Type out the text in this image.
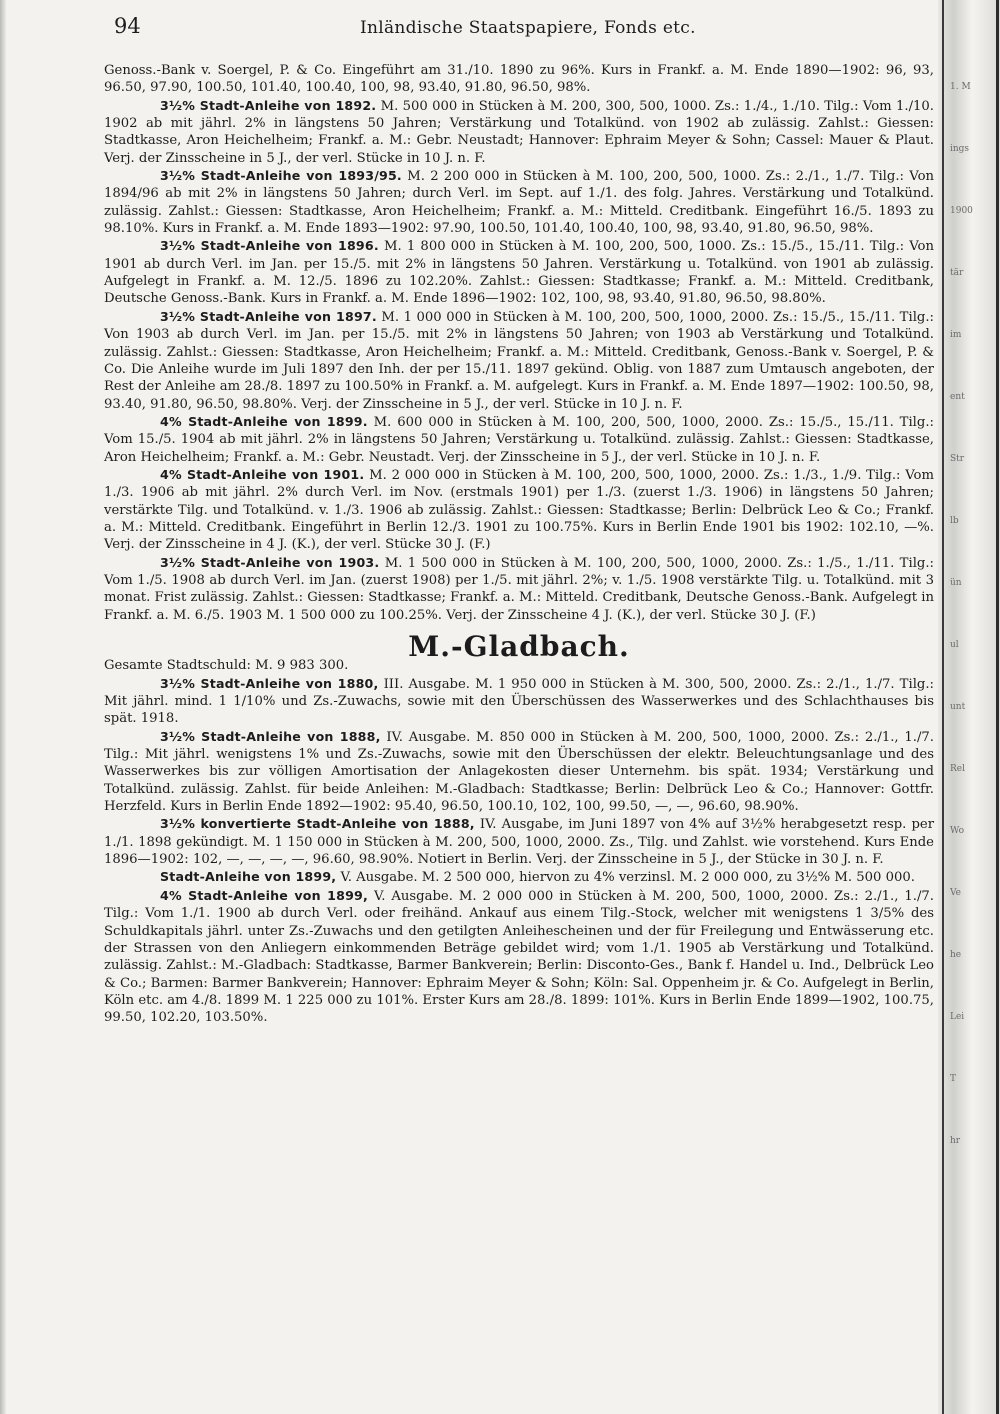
94	Inländische Staatspapiere, Fonds etc.

Genoss.-Bank v. Soergel, P. & Co. Eingeführt am 31./10. 1890 zu 96%. Kurs in Frankf. a. M. Ende 1890—1902: 96, 93, 96.50, 97.90, 100.50, 101.40, 100.40, 100, 98, 93.40, 91.80, 96.50, 98%.

3½% Stadt-Anleihe von 1892. M. 500 000 in Stücken à M. 200, 300, 500, 1000. Zs.: 1./4., 1./10. Tilg.: Vom 1./10. 1902 ab mit jährl. 2% in längstens 50 Jahren; Verstärkung und Totalkünd. von 1902 ab zulässig. Zahlst.: Giessen: Stadtkasse, Aron Heichelheim; Frankf. a. M.: Gebr. Neustadt; Hannover: Ephraim Meyer & Sohn; Cassel: Mauer & Plaut. Verj. der Zinsscheine in 5 J., der verl. Stücke in 10 J. n. F.

3½% Stadt-Anleihe von 1893/95. M. 2 200 000 in Stücken à M. 100, 200, 500, 1000. Zs.: 2./1., 1./7. Tilg.: Von 1894/96 ab mit 2% in längstens 50 Jahren; durch Verl. im Sept. auf 1./1. des folg. Jahres. Verstärkung und Totalkünd. zulässig. Zahlst.: Giessen: Stadtkasse, Aron Heichelheim; Frankf. a. M.: Mitteld. Creditbank. Eingeführt 16./5. 1893 zu 98.10%. Kurs in Frankf. a. M. Ende 1893—1902: 97.90, 100.50, 101.40, 100.40, 100, 98, 93.40, 91.80, 96.50, 98%.

3½% Stadt-Anleihe von 1896. M. 1 800 000 in Stücken à M. 100, 200, 500, 1000. Zs.: 15./5., 15./11. Tilg.: Von 1901 ab durch Verl. im Jan. per 15./5. mit 2% in längstens 50 Jahren. Verstärkung u. Totalkünd. von 1901 ab zulässig. Aufgelegt in Frankf. a. M. 12./5. 1896 zu 102.20%. Zahlst.: Giessen: Stadtkasse; Frankf. a. M.: Mitteld. Creditbank, Deutsche Genoss.-Bank. Kurs in Frankf. a. M. Ende 1896—1902: 102, 100, 98, 93.40, 91.80, 96.50, 98.80%.

3½% Stadt-Anleihe von 1897. M. 1 000 000 in Stücken à M. 100, 200, 500, 1000, 2000. Zs.: 15./5., 15./11. Tilg.: Von 1903 ab durch Verl. im Jan. per 15./5. mit 2% in längstens 50 Jahren; von 1903 ab Verstärkung und Totalkünd. zulässig. Zahlst.: Giessen: Stadtkasse, Aron Heichelheim; Frankf. a. M.: Mitteld. Creditbank, Genoss.-Bank v. Soergel, P. & Co. Die Anleihe wurde im Juli 1897 den Inh. der per 15./11. 1897 gekünd. Oblig. von 1887 zum Umtausch angeboten, der Rest der Anleihe am 28./8. 1897 zu 100.50% in Frankf. a. M. aufgelegt. Kurs in Frankf. a. M. Ende 1897—1902: 100.50, 98, 93.40, 91.80, 96.50, 98.80%. Verj. der Zinsscheine in 5 J., der verl. Stücke in 10 J. n. F.

4% Stadt-Anleihe von 1899. M. 600 000 in Stücken à M. 100, 200, 500, 1000, 2000. Zs.: 15./5., 15./11. Tilg.: Vom 15./5. 1904 ab mit jährl. 2% in längstens 50 Jahren; Verstärkung u. Totalkünd. zulässig. Zahlst.: Giessen: Stadtkasse, Aron Heichelheim; Frankf. a. M.: Gebr. Neustadt. Verj. der Zinsscheine in 5 J., der verl. Stücke in 10 J. n. F.

4% Stadt-Anleihe von 1901. M. 2 000 000 in Stücken à M. 100, 200, 500, 1000, 2000. Zs.: 1./3., 1./9. Tilg.: Vom 1./3. 1906 ab mit jährl. 2% durch Verl. im Nov. (erstmals 1901) per 1./3. (zuerst 1./3. 1906) in längstens 50 Jahren; verstärkte Tilg. und Totalkünd. v. 1./3. 1906 ab zulässig. Zahlst.: Giessen: Stadtkasse; Berlin: Delbrück Leo & Co.; Frankf. a. M.: Mitteld. Creditbank. Eingeführt in Berlin 12./3. 1901 zu 100.75%. Kurs in Berlin Ende 1901 bis 1902: 102.10, —%. Verj. der Zinsscheine in 4 J. (K.), der verl. Stücke 30 J. (F.)

3½% Stadt-Anleihe von 1903. M. 1 500 000 in Stücken à M. 100, 200, 500, 1000, 2000. Zs.: 1./5., 1./11. Tilg.: Vom 1./5. 1908 ab durch Verl. im Jan. (zuerst 1908) per 1./5. mit jährl. 2%; v. 1./5. 1908 verstärkte Tilg. u. Totalkünd. mit 3 monat. Frist zulässig. Zahlst.: Giessen: Stadtkasse; Frankf. a. M.: Mitteld. Creditbank, Deutsche Genoss.-Bank. Aufgelegt in Frankf. a. M. 6./5. 1903 M. 1 500 000 zu 100.25%. Verj. der Zinsscheine 4 J. (K.), der verl. Stücke 30 J. (F.)

M.-Gladbach.

Gesamte Stadtschuld: M. 9 983 300.

3½% Stadt-Anleihe von 1880, III. Ausgabe. M. 1 950 000 in Stücken à M. 300, 500, 2000. Zs.: 2./1., 1./7. Tilg.: Mit jährl. mind. 1 1/10% und Zs.-Zuwachs, sowie mit den Überschüssen des Wasserwerkes und des Schlachthauses bis spät. 1918.

3½% Stadt-Anleihe von 1888, IV. Ausgabe. M. 850 000 in Stücken à M. 200, 500, 1000, 2000. Zs.: 2./1., 1./7. Tilg.: Mit jährl. wenigstens 1% und Zs.-Zuwachs, sowie mit den Überschüssen der elektr. Beleuchtungsanlage und des Wasserwerkes bis zur völligen Amortisation der Anlagekosten dieser Unternehm. bis spät. 1934; Verstärkung und Totalkünd. zulässig. Zahlst. für beide Anleihen: M.-Gladbach: Stadtkasse; Berlin: Delbrück Leo & Co.; Hannover: Gottfr. Herzfeld. Kurs in Berlin Ende 1892—1902: 95.40, 96.50, 100.10, 102, 100, 99.50, —, —, 96.60, 98.90%.

3½% konvertierte Stadt-Anleihe von 1888, IV. Ausgabe, im Juni 1897 von 4% auf 3½% herabgesetzt resp. per 1./1. 1898 gekündigt. M. 1 150 000 in Stücken à M. 200, 500, 1000, 2000. Zs., Tilg. und Zahlst. wie vorstehend. Kurs Ende 1896—1902: 102, —, —, —, —, 96.60, 98.90%. Notiert in Berlin. Verj. der Zinsscheine in 5 J., der Stücke in 30 J. n. F.

Stadt-Anleihe von 1899, V. Ausgabe. M. 2 500 000, hiervon zu 4% verzinsl. M. 2 000 000, zu 3½% M. 500 000.

4% Stadt-Anleihe von 1899, V. Ausgabe. M. 2 000 000 in Stücken à M. 200, 500, 1000, 2000. Zs.: 2./1., 1./7. Tilg.: Vom 1./1. 1900 ab durch Verl. oder freihänd. Ankauf aus einem Tilg.-Stock, welcher mit wenigstens 1 3/5% des Schuldkapitals jährl. unter Zs.-Zuwachs und den getilgten Anleihescheinen und der für Freilegung und Entwässerung etc. der Strassen von den Anliegern einkommenden Beträge gebildet wird; vom 1./1. 1905 ab Verstärkung und Totalkünd. zulässig. Zahlst.: M.-Gladbach: Stadtkasse, Barmer Bankverein; Berlin: Disconto-Ges., Bank f. Handel u. Ind., Delbrück Leo & Co.; Barmen: Barmer Bankverein; Hannover: Ephraim Meyer & Sohn; Köln: Sal. Oppenheim jr. & Co. Aufgelegt in Berlin, Köln etc. am 4./8. 1899 M. 1 225 000 zu 101%. Erster Kurs am 28./8. 1899: 101%. Kurs in Berlin Ende 1899—1902, 100.75, 99.50, 102.20, 103.50%.

1. M
ings
1900
tär
im
ent
Str
lb
ün
ul
unt
Rel
Wo
Ve
he
Lei
T
hr
